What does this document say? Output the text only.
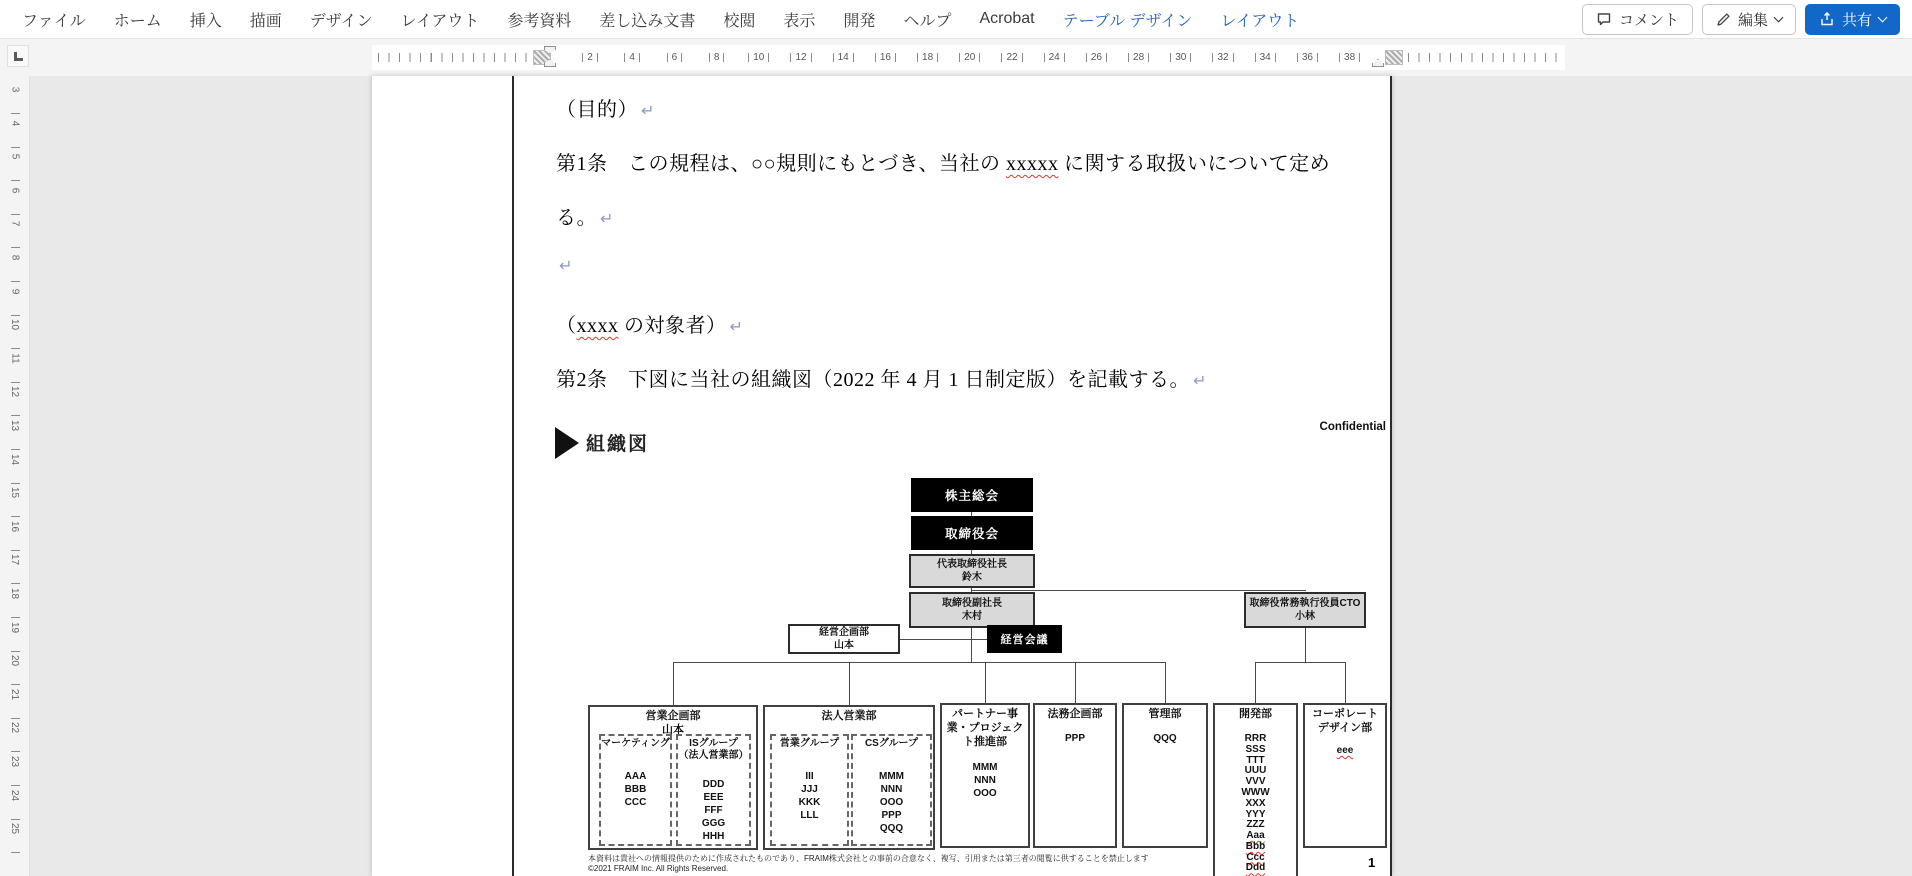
ファイル	ホーム	挿入	描画	デザイン	レイアウト	参考資料	差し込み文書	校閲	表示	開発	ヘルプ	Acrobat	テーブル デザイン	レイアウト	コメント	編集	共有
2	4	6	8	10	12	14	16	18	20	22	24	26	28	30	32	34	36	38
3
4
5
6
7
8
9
10
11
12
13
14
15
16
17
18
19
20
21
22
23
24
25

（目的） ↵

第1条　この規程は、○○規則にもとづき、当社の xxxxx に関する取扱いについて定め

る。 ↵

↵

（xxxx の対象者） ↵

第2条　下図に当社の組織図（2022 年 4 月 1 日制定版）を記載する。 ↵

組織図
Confidential
株主総会
取締役会
代表取締役社長
鈴木
取締役副社長
木村
取締役常務執行役員CTO
小林
経営企画部
山本	経営会議
営業企画部
山本
マーケティング
AAA
BBB
CCC
ISグループ
（法人営業部）
DDD
EEE
FFF
GGG
HHH
法人営業部
営業グループ
III
JJJ
KKK
LLL
CSグループ
MMM
NNN
OOO
PPP
QQQ
パートナー事業・プロジェクト推進部
MMM
NNN
OOO
法務企画部
PPP
管理部
QQQ
開発部
RRR
SSS
TTT
UUU
VVV
WWW
XXX
YYY
ZZZ
Aaa
Bbb
Ccc
Ddd
コーポレートデザイン部
eee
本資料は貴社への情報提供のために作成されたものであり、FRAIM株式会社との事前の合意なく、複写、引用または第三者の閲覧に供することを禁止します
©2021 FRAIM Inc. All Rights Reserved.	1
